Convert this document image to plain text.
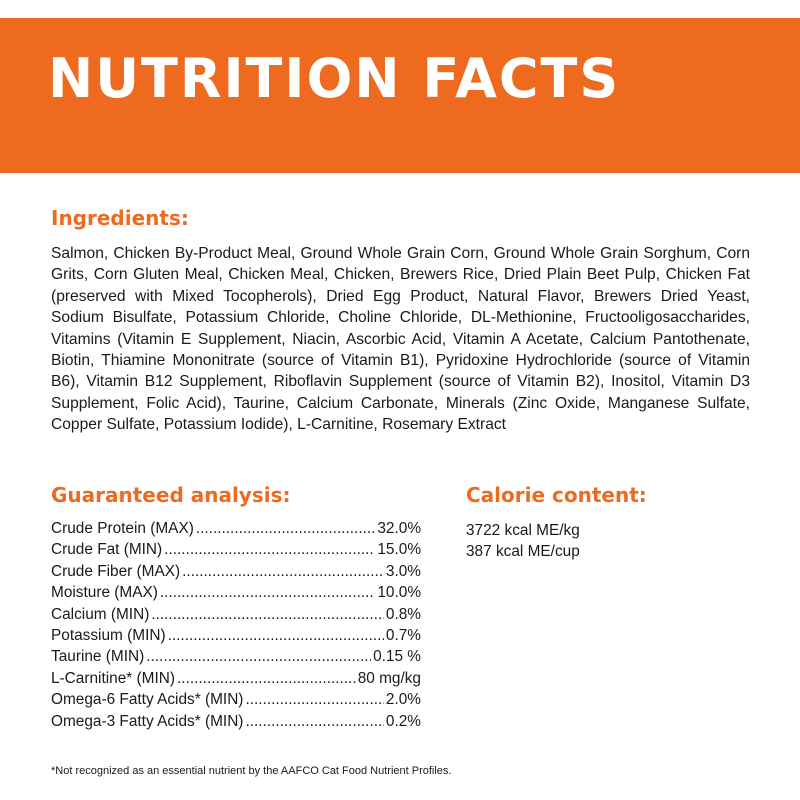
NUTRITION FACTS
Ingredients:

Salmon, Chicken By-Product Meal, Ground Whole Grain Corn, Ground Whole Grain Sorghum, Corn Grits, Corn Gluten Meal, Chicken Meal, Chicken, Brewers Rice, Dried Plain Beet Pulp, Chicken Fat (preserved with Mixed Tocopherols), Dried Egg Product, Natural Flavor, Brewers Dried Yeast, Sodium Bisulfate, Potassium Chloride, Choline Chloride, DL-Methionine, Fructooligosaccharides, Vitamins (Vitamin E Supplement, Niacin, Ascorbic Acid, Vitamin A Acetate, Calcium Pantothenate, Biotin, Thiamine Mononitrate (source of Vitamin B1), Pyridoxine Hydrochloride (source of Vitamin B6), Vitamin B12 Supplement, Riboflavin Supplement (source of Vitamin B2), Inositol, Vitamin D3 Supplement, Folic Acid), Taurine, Calcium Carbonate, Minerals (Zinc Oxide, Manganese Sulfate, Copper Sulfate, Potassium Iodide), L-Carnitine, Rosemary Extract

Guaranteed analysis:
Crude Protein (MAX) .....	32.0%
Crude Fat (MIN) .....	15.0%
Crude Fiber (MAX) .....	3.0%
Moisture (MAX) .....	10.0%
Calcium (MIN) .....	0.8%
Potassium (MIN) .....	0.7%
Taurine (MIN) .....	0.15 %
L-Carnitine* (MIN) .....	80 mg/kg
Omega-6 Fatty Acids* (MIN) .....	2.0%
Omega-3 Fatty Acids* (MIN) .....	0.2%
Calorie content:
3722 kcal ME/kg
387 kcal ME/cup
*Not recognized as an essential nutrient by the AAFCO Cat Food Nutrient Profiles.
